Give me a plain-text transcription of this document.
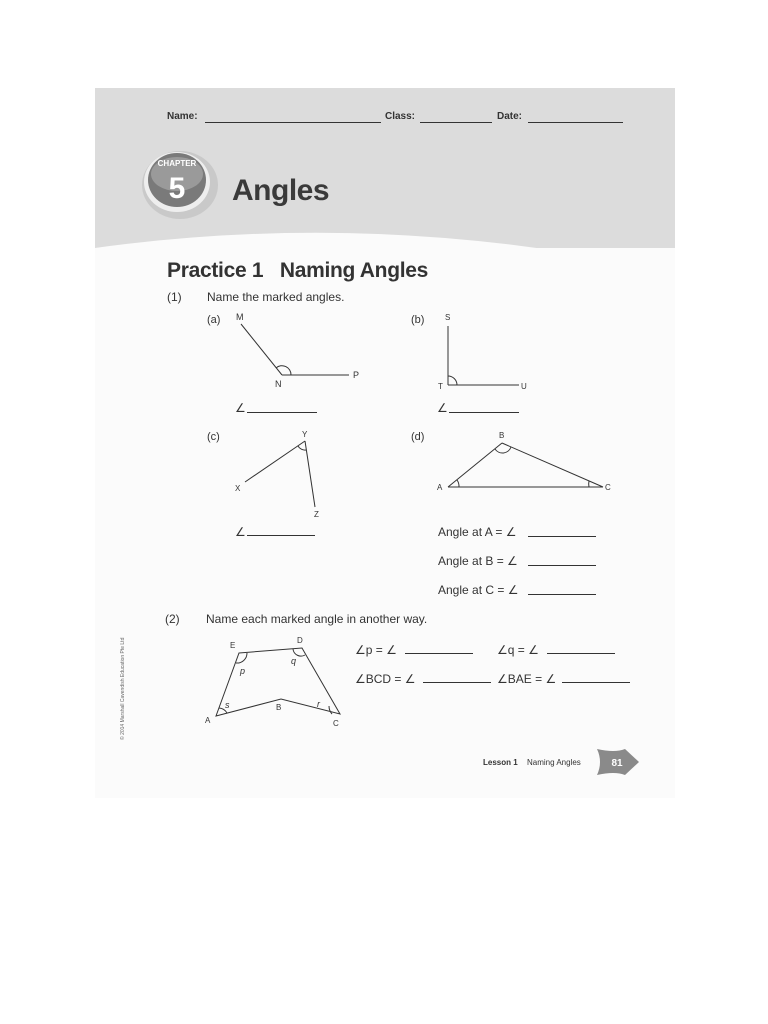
Name:	Class:	Date:
CHAPTER
5 Angles
Practice 1   Naming Angles
(1) Name the marked angles.
(a) M
N
P
∠
(b)	S
T	U
∠
(c)
X
Y
Z
∠
(d)
A
B
C
Angle at A = ∠
Angle at B = ∠
Angle at C = ∠
(2) Name each marked angle in another way.
E
D
A
B
C
p
q
s	r
∠p = ∠	∠q = ∠
∠BCD = ∠	∠BAE = ∠
© 2014 Marshall Cavendish Education Pte Ltd
Lesson 1 Naming Angles	81
